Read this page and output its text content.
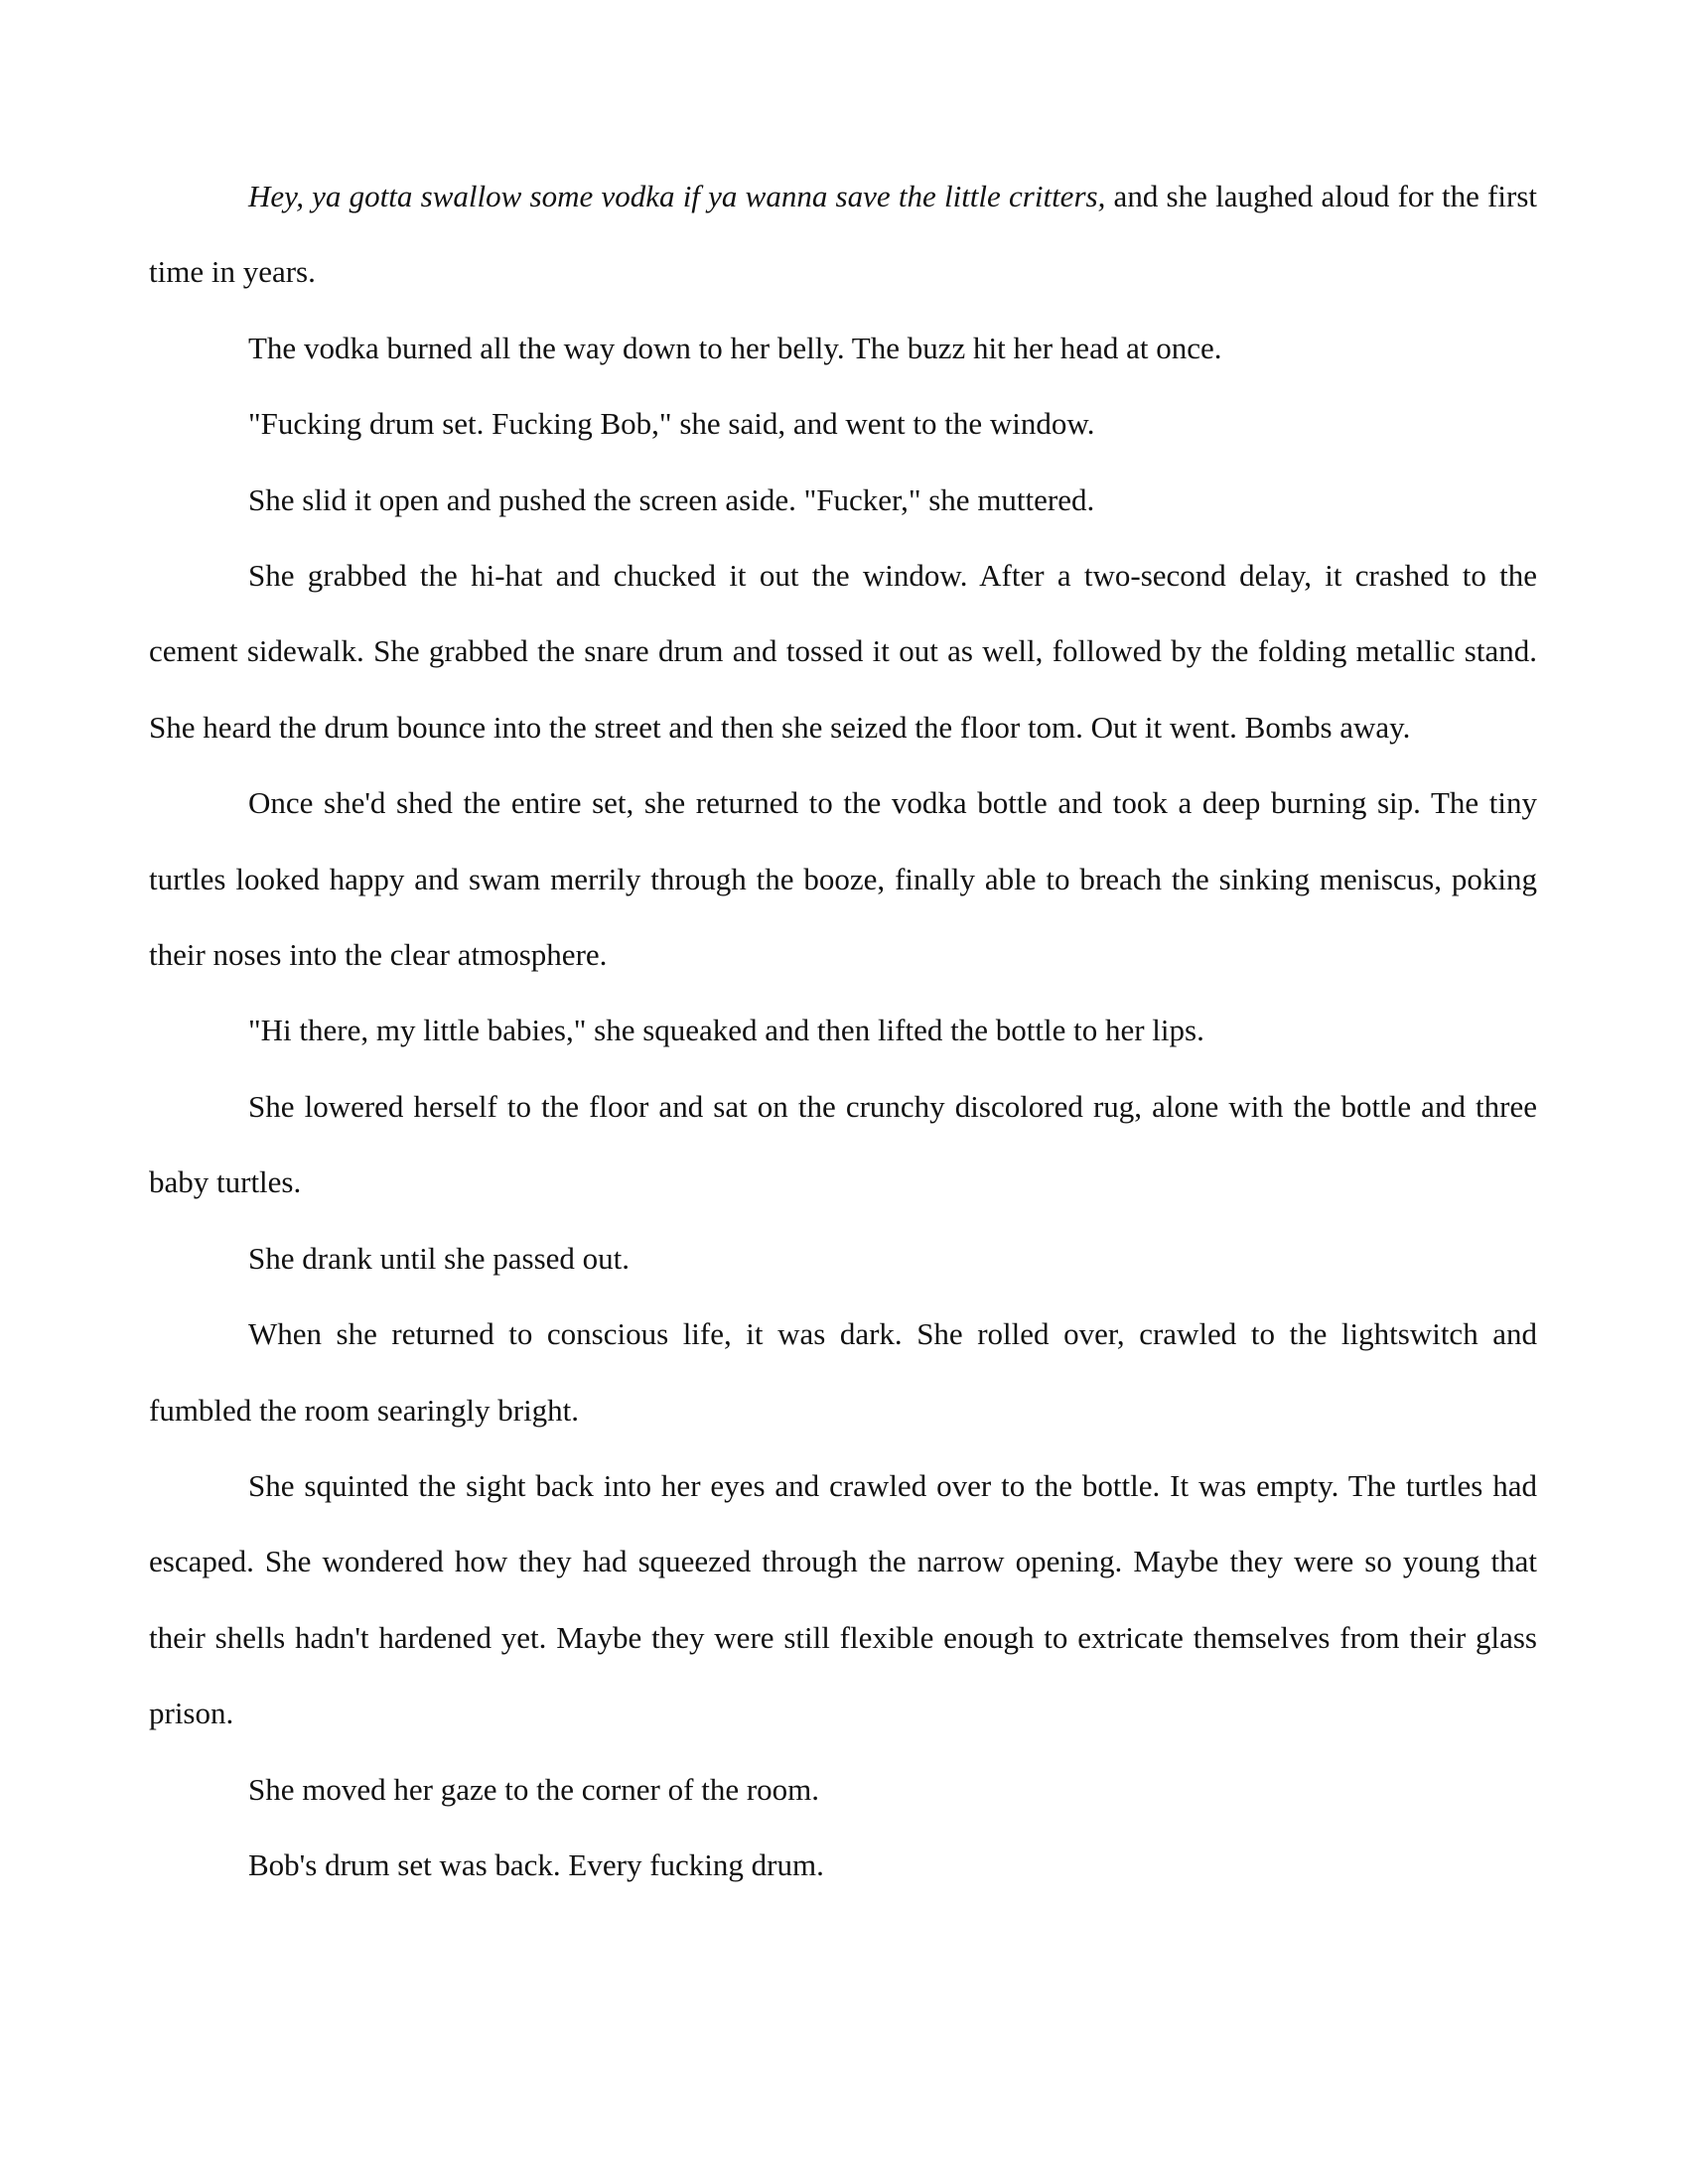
Hey, ya gotta swallow some vodka if ya wanna save the little critters, and she laughed aloud for the first time in years.

The vodka burned all the way down to her belly. The buzz hit her head at once.

"Fucking drum set. Fucking Bob," she said, and went to the window.

She slid it open and pushed the screen aside. "Fucker," she muttered.

She grabbed the hi-hat and chucked it out the window. After a two-second delay, it crashed to the cement sidewalk. She grabbed the snare drum and tossed it out as well, followed by the folding metallic stand. She heard the drum bounce into the street and then she seized the floor tom. Out it went. Bombs away.

Once she'd shed the entire set, she returned to the vodka bottle and took a deep burning sip. The tiny turtles looked happy and swam merrily through the booze, finally able to breach the sinking meniscus, poking their noses into the clear atmosphere.

"Hi there, my little babies," she squeaked and then lifted the bottle to her lips.

She lowered herself to the floor and sat on the crunchy discolored rug, alone with the bottle and three baby turtles.

She drank until she passed out.

When she returned to conscious life, it was dark. She rolled over, crawled to the lightswitch and fumbled the room searingly bright.

She squinted the sight back into her eyes and crawled over to the bottle. It was empty. The turtles had escaped. She wondered how they had squeezed through the narrow opening. Maybe they were so young that their shells hadn't hardened yet. Maybe they were still flexible enough to extricate themselves from their glass prison.

She moved her gaze to the corner of the room.

Bob's drum set was back. Every fucking drum.
